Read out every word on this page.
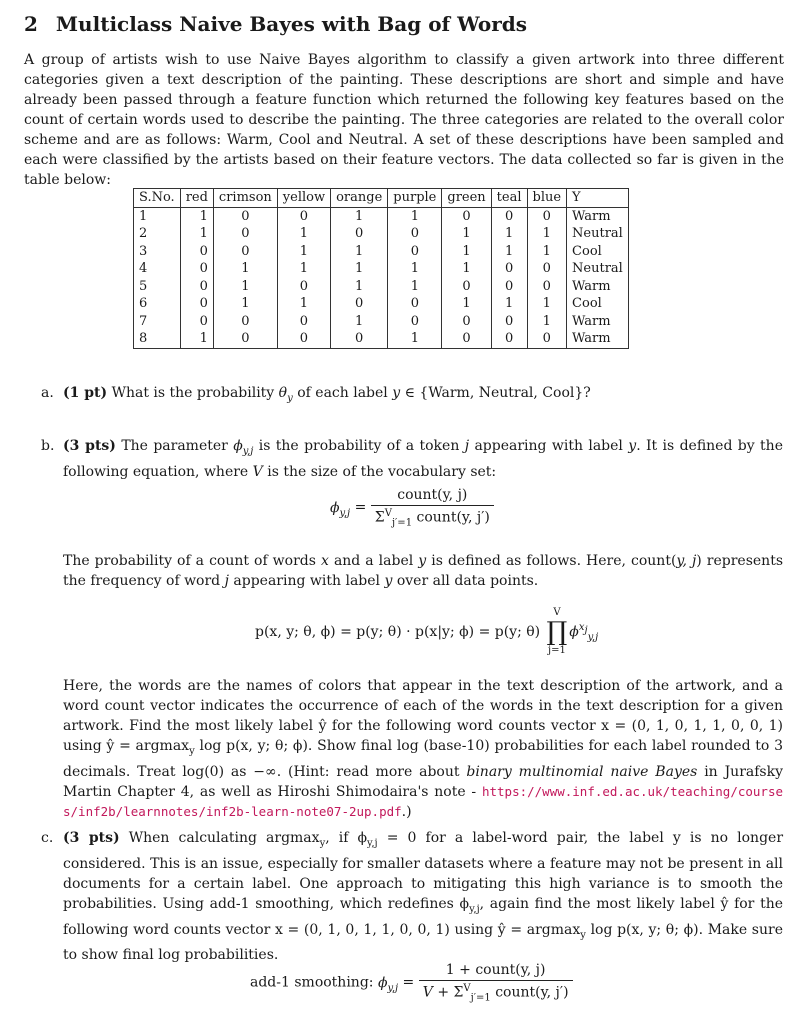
2 Multiclass Naive Bayes with Bag of Words
A group of artists wish to use Naive Bayes algorithm to classify a given artwork into three different categories given a text description of the painting. These descriptions are short and simple and have already been passed through a feature function which returned the following key features based on the count of certain words used to describe the painting. The three categories are related to the overall color scheme and are as follows: Warm, Cool and Neutral. A set of these descriptions have been sampled and each were classified by the artists based on their feature vectors. The data collected so far is given in the table below:
S.No.	red	crimson	yellow	orange	purple	green	teal	blue	Y
1	1	0	0	1	1	0	0	0	Warm
2	1	0	1	0	0	1	1	1	Neutral
3	0	0	1	1	0	1	1	1	Cool
4	0	1	1	1	1	1	0	0	Neutral
5	0	1	0	1	1	0	0	0	Warm
6	0	1	1	0	0	1	1	1	Cool
7	0	0	0	1	0	0	0	1	Warm
8	1	0	0	0	1	0	0	0	Warm
a. (1 pt) What is the probability $\theta_y$ of each label y ∈ {Warm, Neutral, Cool}?
b. (3 pts) The parameter $\phi_{y,j}$ is the probability of a token j appearing with label y. It is defined by the following equation, where V is the size of the vocabulary set:
$\phi_{y,j} = \frac{\text{count(y, j)}}{\Sigma^V_{j'=1} count(y, j')}$
The probability of a count of words x and a label y is defined as follows. Here, count(y, j) represents the frequency of word j appearing with label y over all data points.
p(x, y; θ, ϕ) = p(y; θ) · p(x|y; ϕ) = p(y; θ)
V
∏
j=1
$\phi^{x_j}_{y,j}$
Here, the words are the names of colors that appear in the text description of the artwork, and a word count vector indicates the occurrence of each of the words in the text description for a given artwork. Find the most likely label ŷ for the following word counts vector x = (0, 1, 0, 1, 1, 0, 0, 1) using ŷ = argmax$_y$ log p(x, y; θ; ϕ). Show final log (base-10) probabilities for each label rounded to 3 decimals. Treat log(0) as −∞. (Hint: read more about binary multinomial naive Bayes in Jurafsky Martin Chapter 4, as well as Hiroshi Shimodaira's note - https://www.inf.ed.ac.uk/teaching/courses/inf2b/learnnotes/inf2b-learn-note07-2up.pdf.)
c. (3 pts) When calculating argmax$_y$, if $\phi_{y,j} = 0$ for a label-word pair, the label y is no longer considered. This is an issue, especially for smaller datasets where a feature may not be present in all documents for a certain label. One approach to mitigating this high variance is to smooth the probabilities. Using add-1 smoothing, which redefines $\phi_{y,j}$, again find the most likely label ŷ for the following word counts vector x = (0, 1, 0, 1, 1, 0, 0, 1) using ŷ = argmax$_y$ log p(x, y; θ; ϕ). Make sure to show final log probabilities.
add-1 smoothing: $\phi_{y,j} = \frac{\text{1 + count(y, j)}}{V + \Sigma^V_{j'=1} count(y, j')}$
